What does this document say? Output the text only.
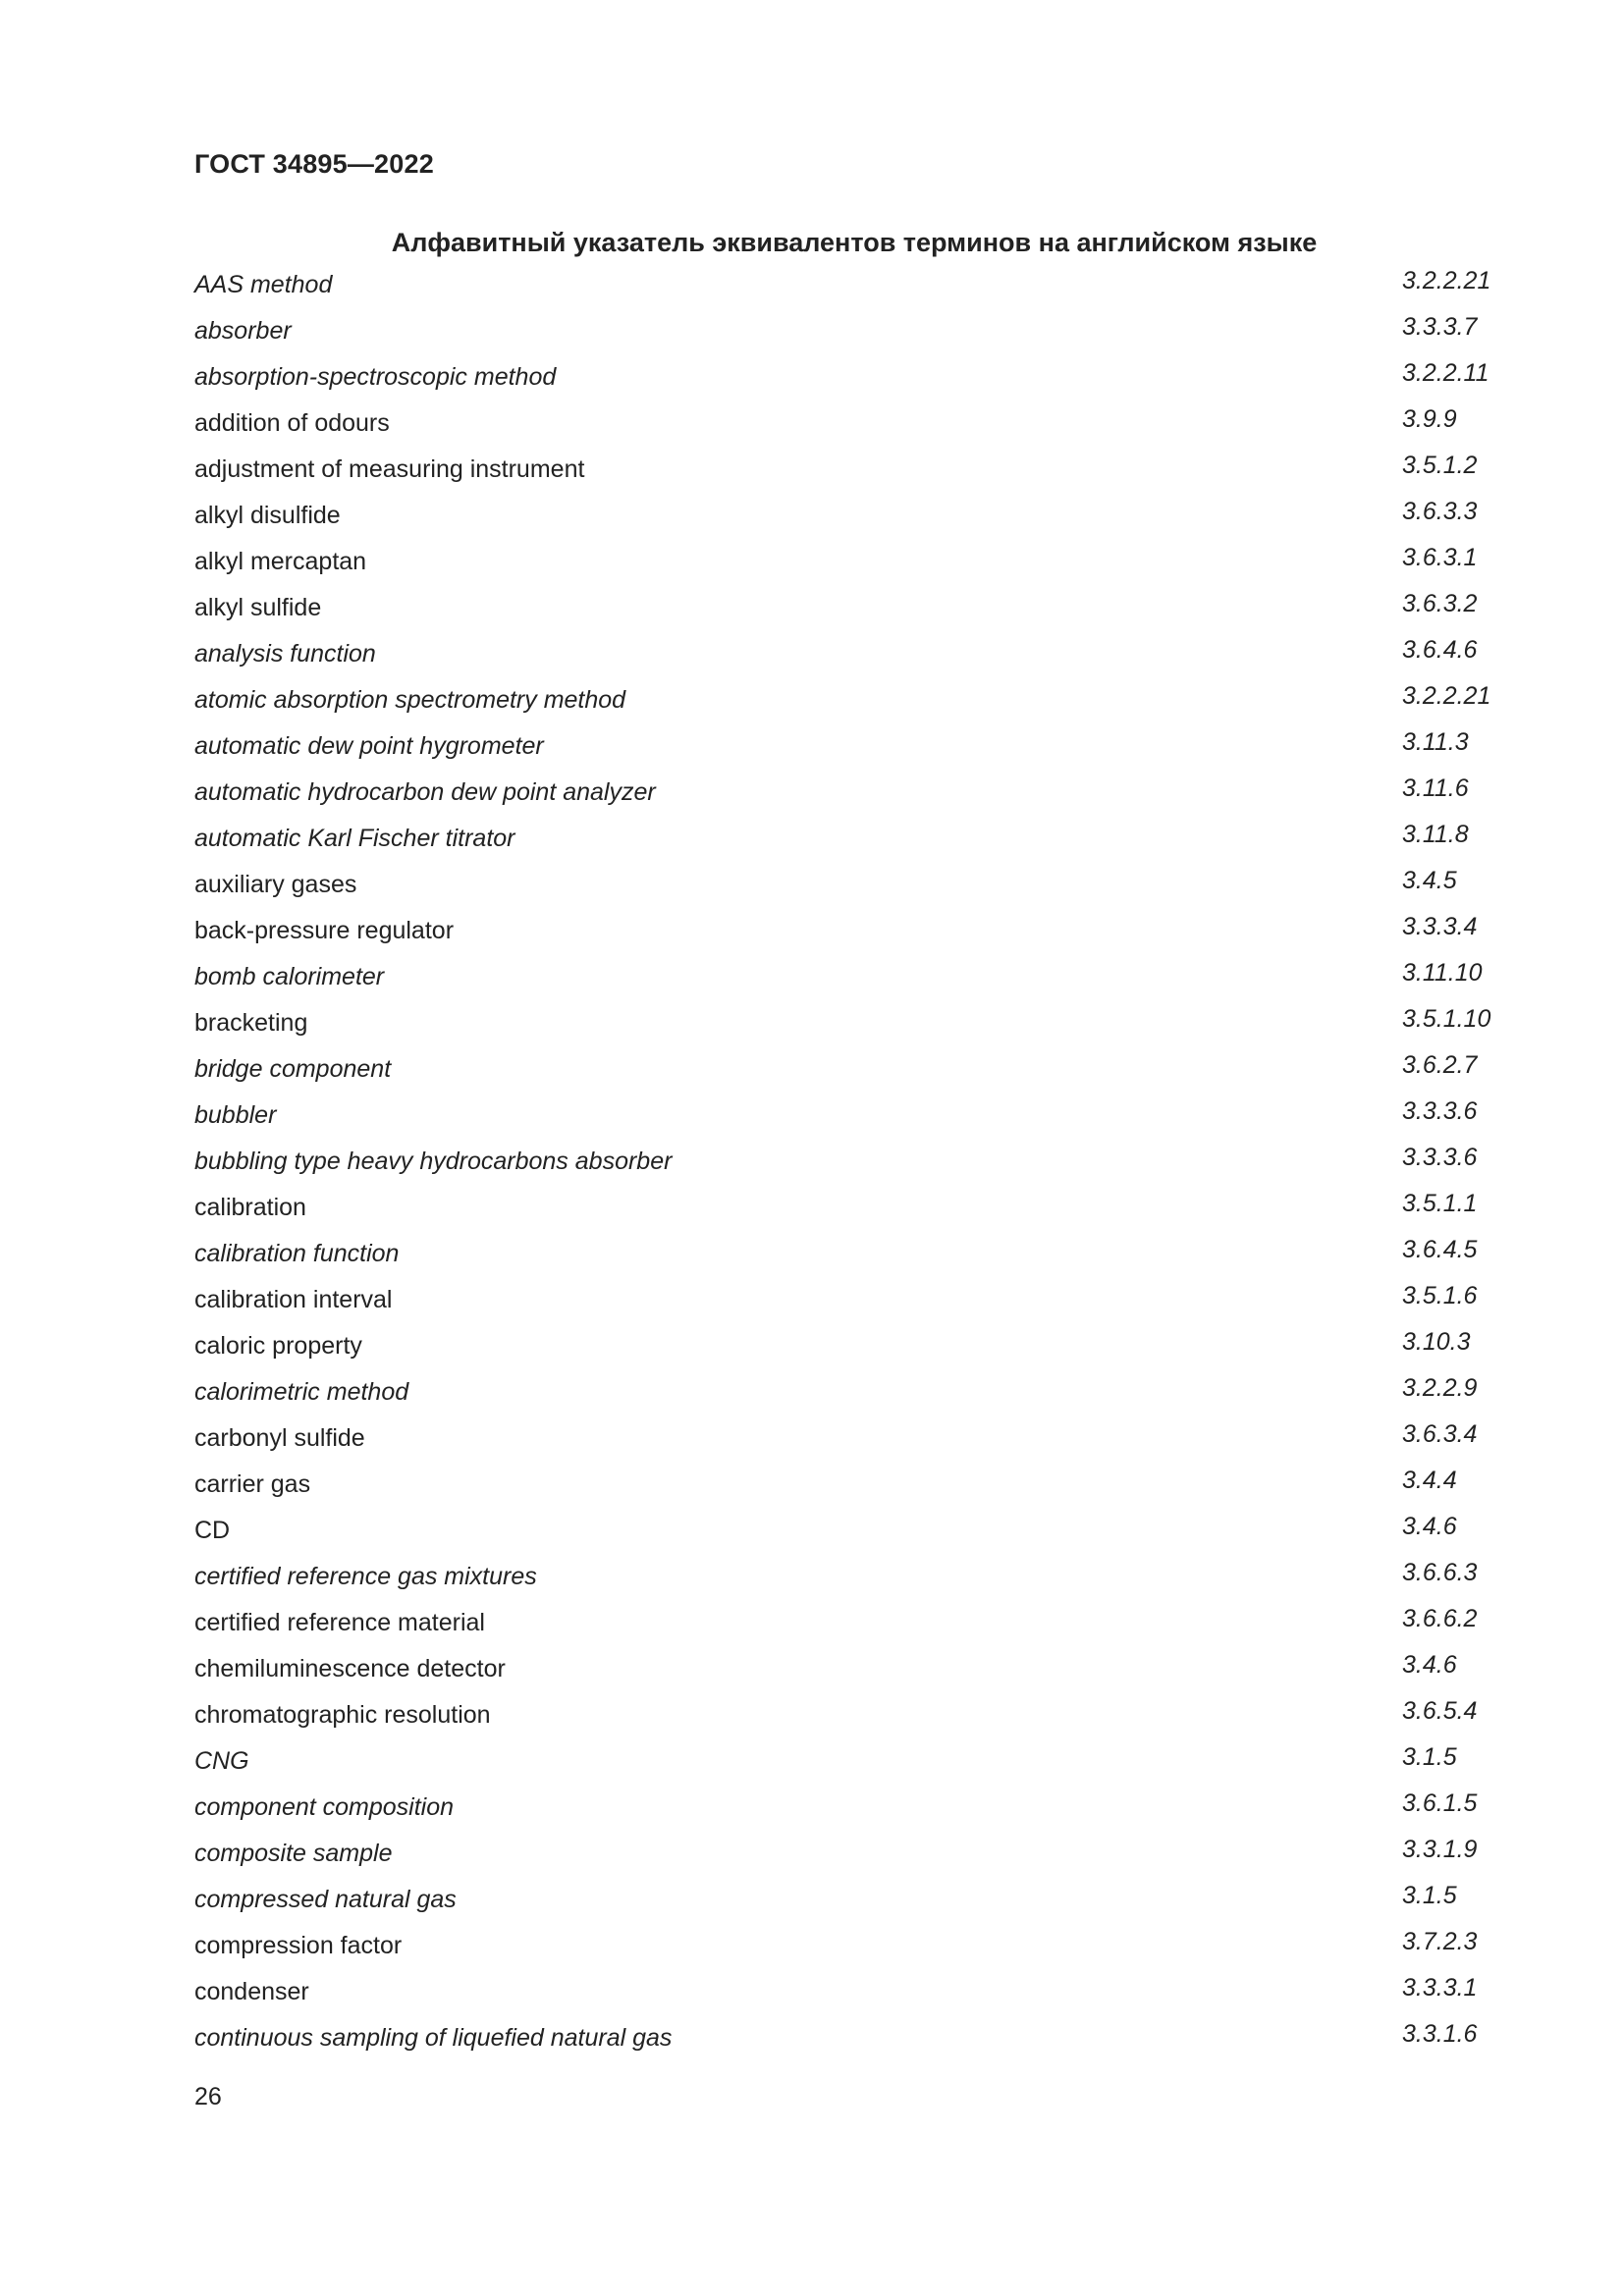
ГОСТ 34895—2022
Алфавитный указатель эквивалентов терминов на английском языке
AAS method	3.2.2.21
absorber	3.3.3.7
absorption-spectroscopic method	3.2.2.11
addition of odours	3.9.9
adjustment of measuring instrument	3.5.1.2
alkyl disulfide	3.6.3.3
alkyl mercaptan	3.6.3.1
alkyl sulfide	3.6.3.2
analysis function	3.6.4.6
atomic absorption spectrometry method	3.2.2.21
automatic dew point hygrometer	3.11.3
automatic hydrocarbon dew point analyzer	3.11.6
automatic Karl Fischer titrator	3.11.8
auxiliary gases	3.4.5
back-pressure regulator	3.3.3.4
bomb calorimeter	3.11.10
bracketing	3.5.1.10
bridge component	3.6.2.7
bubbler	3.3.3.6
bubbling type heavy hydrocarbons absorber	3.3.3.6
calibration	3.5.1.1
calibration function	3.6.4.5
calibration interval	3.5.1.6
caloric property	3.10.3
calorimetric method	3.2.2.9
carbonyl sulfide	3.6.3.4
carrier gas	3.4.4
CD	3.4.6
certified reference gas mixtures	3.6.6.3
certified reference material	3.6.6.2
chemiluminescence detector	3.4.6
chromatographic resolution	3.6.5.4
CNG	3.1.5
component composition	3.6.1.5
composite sample	3.3.1.9
compressed natural gas	3.1.5
compression factor	3.7.2.3
condenser	3.3.3.1
continuous sampling of liquefied natural gas	3.3.1.6
26
